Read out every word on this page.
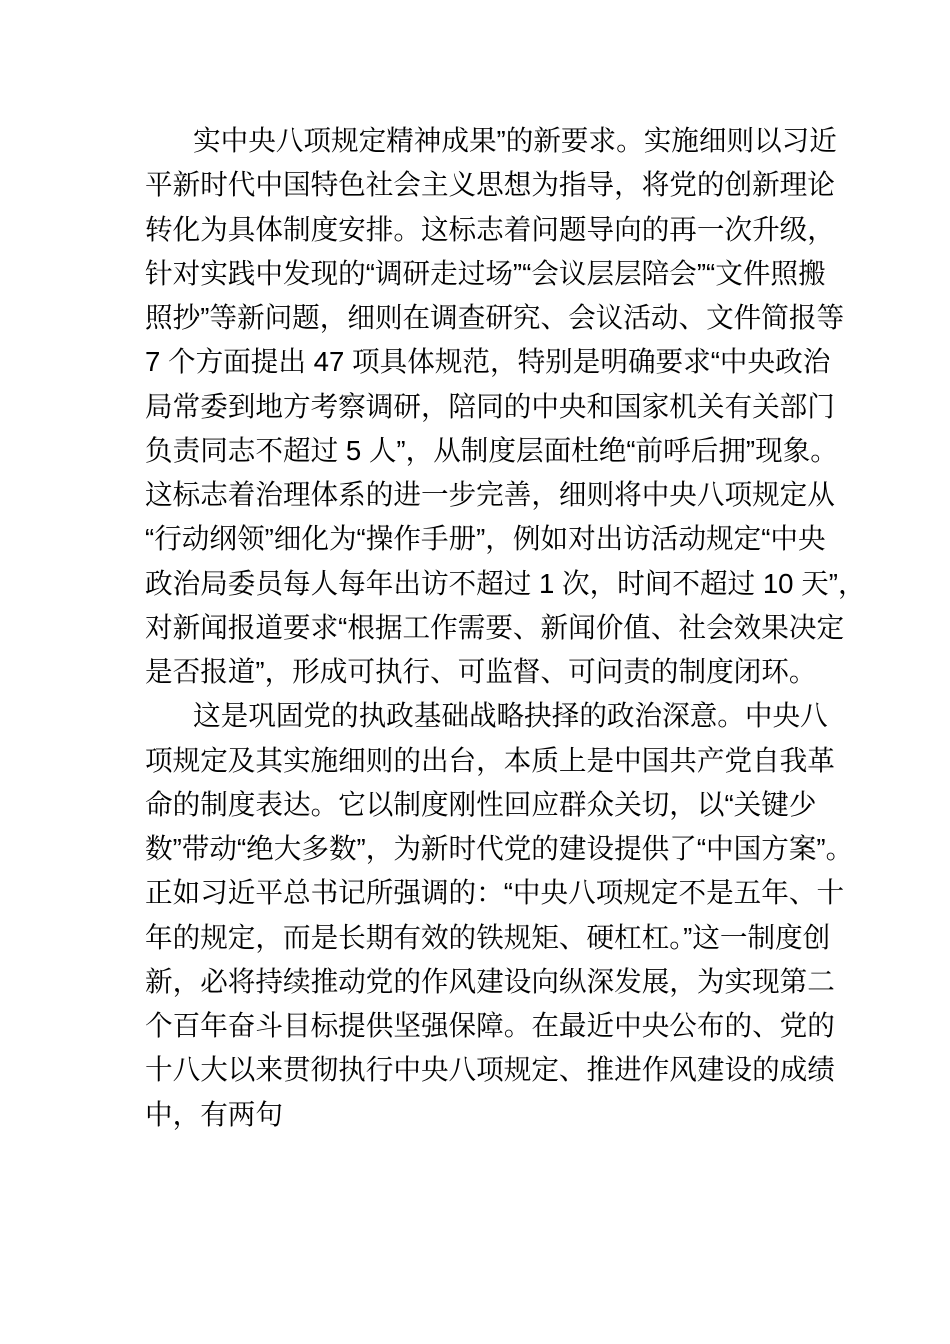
实中央八项规定精神成果”的新要求。实施细则以习近
平新时代中国特色社会主义思想为指导，将党的创新理论
转化为具体制度安排。这标志着问题导向的再一次升级，
针对实践中发现的“调研走过场”“会议层层陪会”“文件照搬
照抄”等新问题，细则在调查研究、会议活动、文件简报等
7 个方面提出 47 项具体规范，特别是明确要求“中央政治
局常委到地方考察调研，陪同的中央和国家机关有关部门
负责同志不超过 5 人”，从制度层面杜绝“前呼后拥”现象。
这标志着治理体系的进一步完善，细则将中央八项规定从
“行动纲领”细化为“操作手册”，例如对出访活动规定“中央
政治局委员每人每年出访不超过 1 次，时间不超过 10 天”，
对新闻报道要求“根据工作需要、新闻价值、社会效果决定
是否报道”，形成可执行、可监督、可问责的制度闭环。
这是巩固党的执政基础战略抉择的政治深意。中央八
项规定及其实施细则的出台，本质上是中国共产党自我革
命的制度表达。它以制度刚性回应群众关切，以“关键少
数”带动“绝大多数”，为新时代党的建设提供了“中国方案”。
正如习近平总书记所强调的：“中央八项规定不是五年、十
年的规定，而是长期有效的铁规矩、硬杠杠。”这一制度创
新，必将持续推动党的作风建设向纵深发展，为实现第二
个百年奋斗目标提供坚强保障。在最近中央公布的、党的
十八大以来贯彻执行中央八项规定、推进作风建设的成绩
中，有两句
